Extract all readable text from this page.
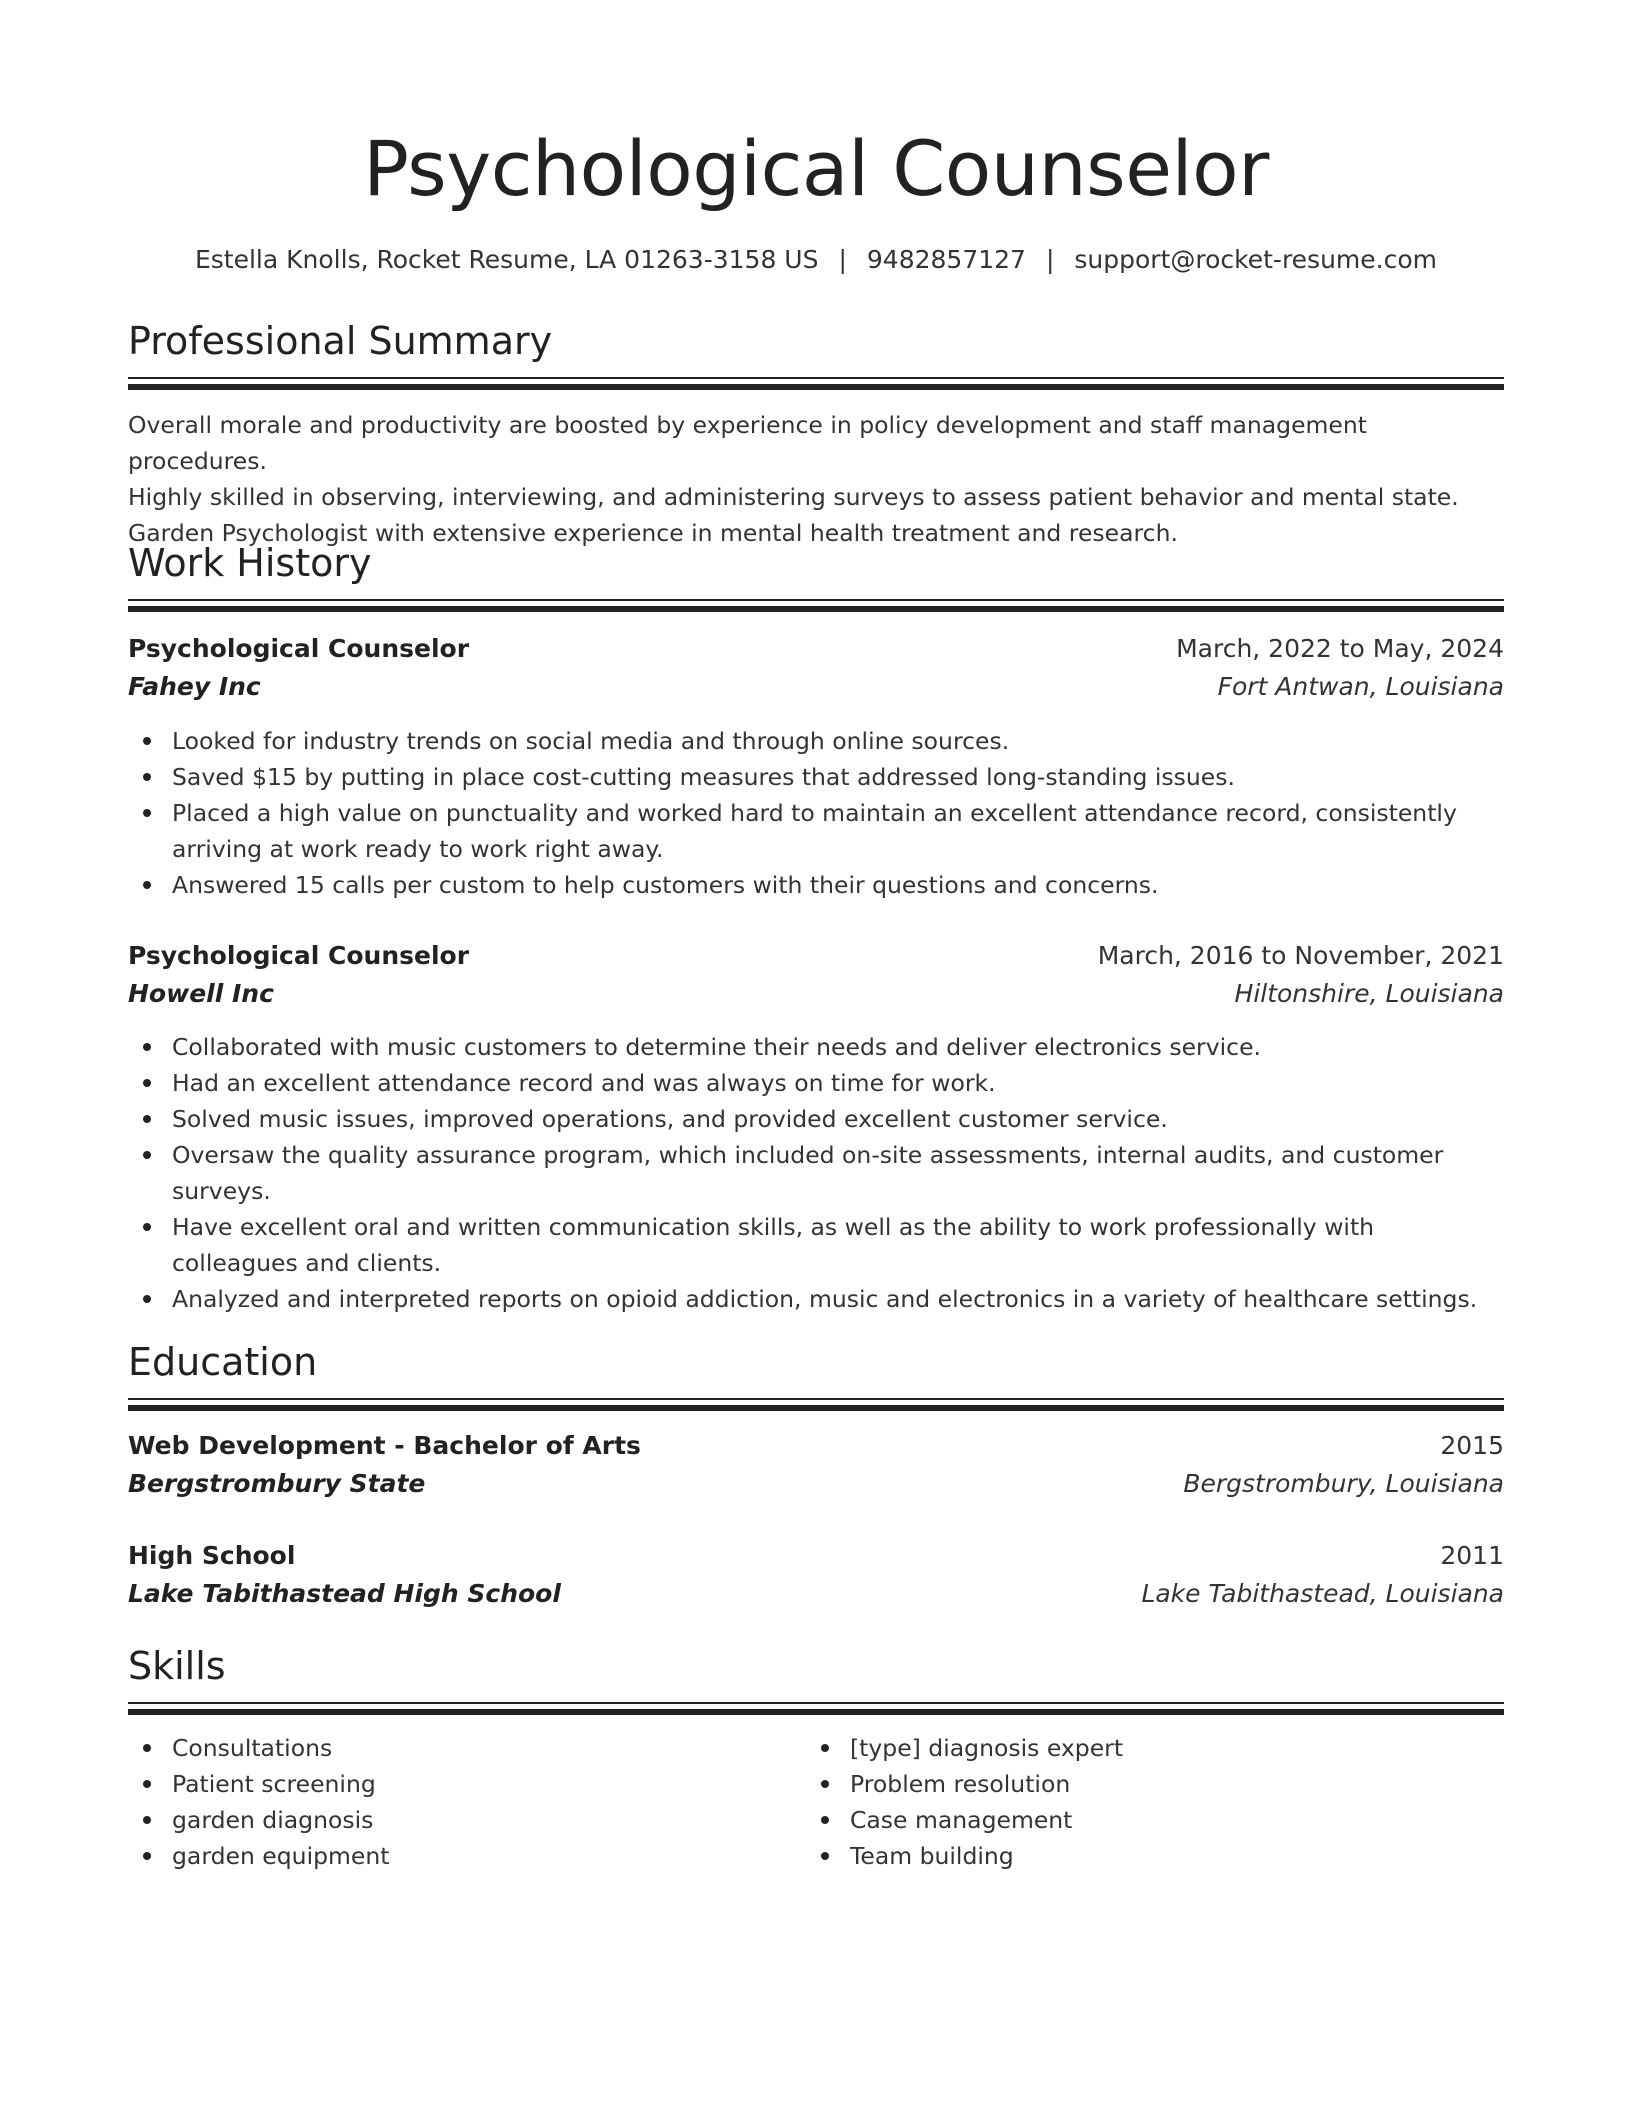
Psychological Counselor
Estella Knolls, Rocket Resume, LA 01263-3158 US | 9482857127 | support@rocket-resume.com
Professional Summary

Overall morale and productivity are boosted by experience in policy development and staff management procedures.
Highly skilled in observing, interviewing, and administering surveys to assess patient behavior and mental state.
Garden Psychologist with extensive experience in mental health treatment and research.

Work History
Psychological Counselor	March, 2022 to May, 2024
Fahey Inc	Fort Antwan, Louisiana
Looked for industry trends on social media and through online sources.
Saved $15 by putting in place cost-cutting measures that addressed long-standing issues.
Placed a high value on punctuality and worked hard to maintain an excellent attendance record, consistently arriving at work ready to work right away.
Answered 15 calls per custom to help customers with their questions and concerns.
Psychological Counselor	March, 2016 to November, 2021
Howell Inc	Hiltonshire, Louisiana
Collaborated with music customers to determine their needs and deliver electronics service.
Had an excellent attendance record and was always on time for work.
Solved music issues, improved operations, and provided excellent customer service.
Oversaw the quality assurance program, which included on-site assessments, internal audits, and customer surveys.
Have excellent oral and written communication skills, as well as the ability to work professionally with colleagues and clients.
Analyzed and interpreted reports on opioid addiction, music and electronics in a variety of healthcare settings.
Education
Web Development - Bachelor of Arts	2015
Bergstrombury State	Bergstrombury, Louisiana
High School	2011
Lake Tabithastead High School	Lake Tabithastead, Louisiana
Skills
Consultations
Patient screening
garden diagnosis
garden equipment
[type] diagnosis expert
Problem resolution
Case management
Team building
